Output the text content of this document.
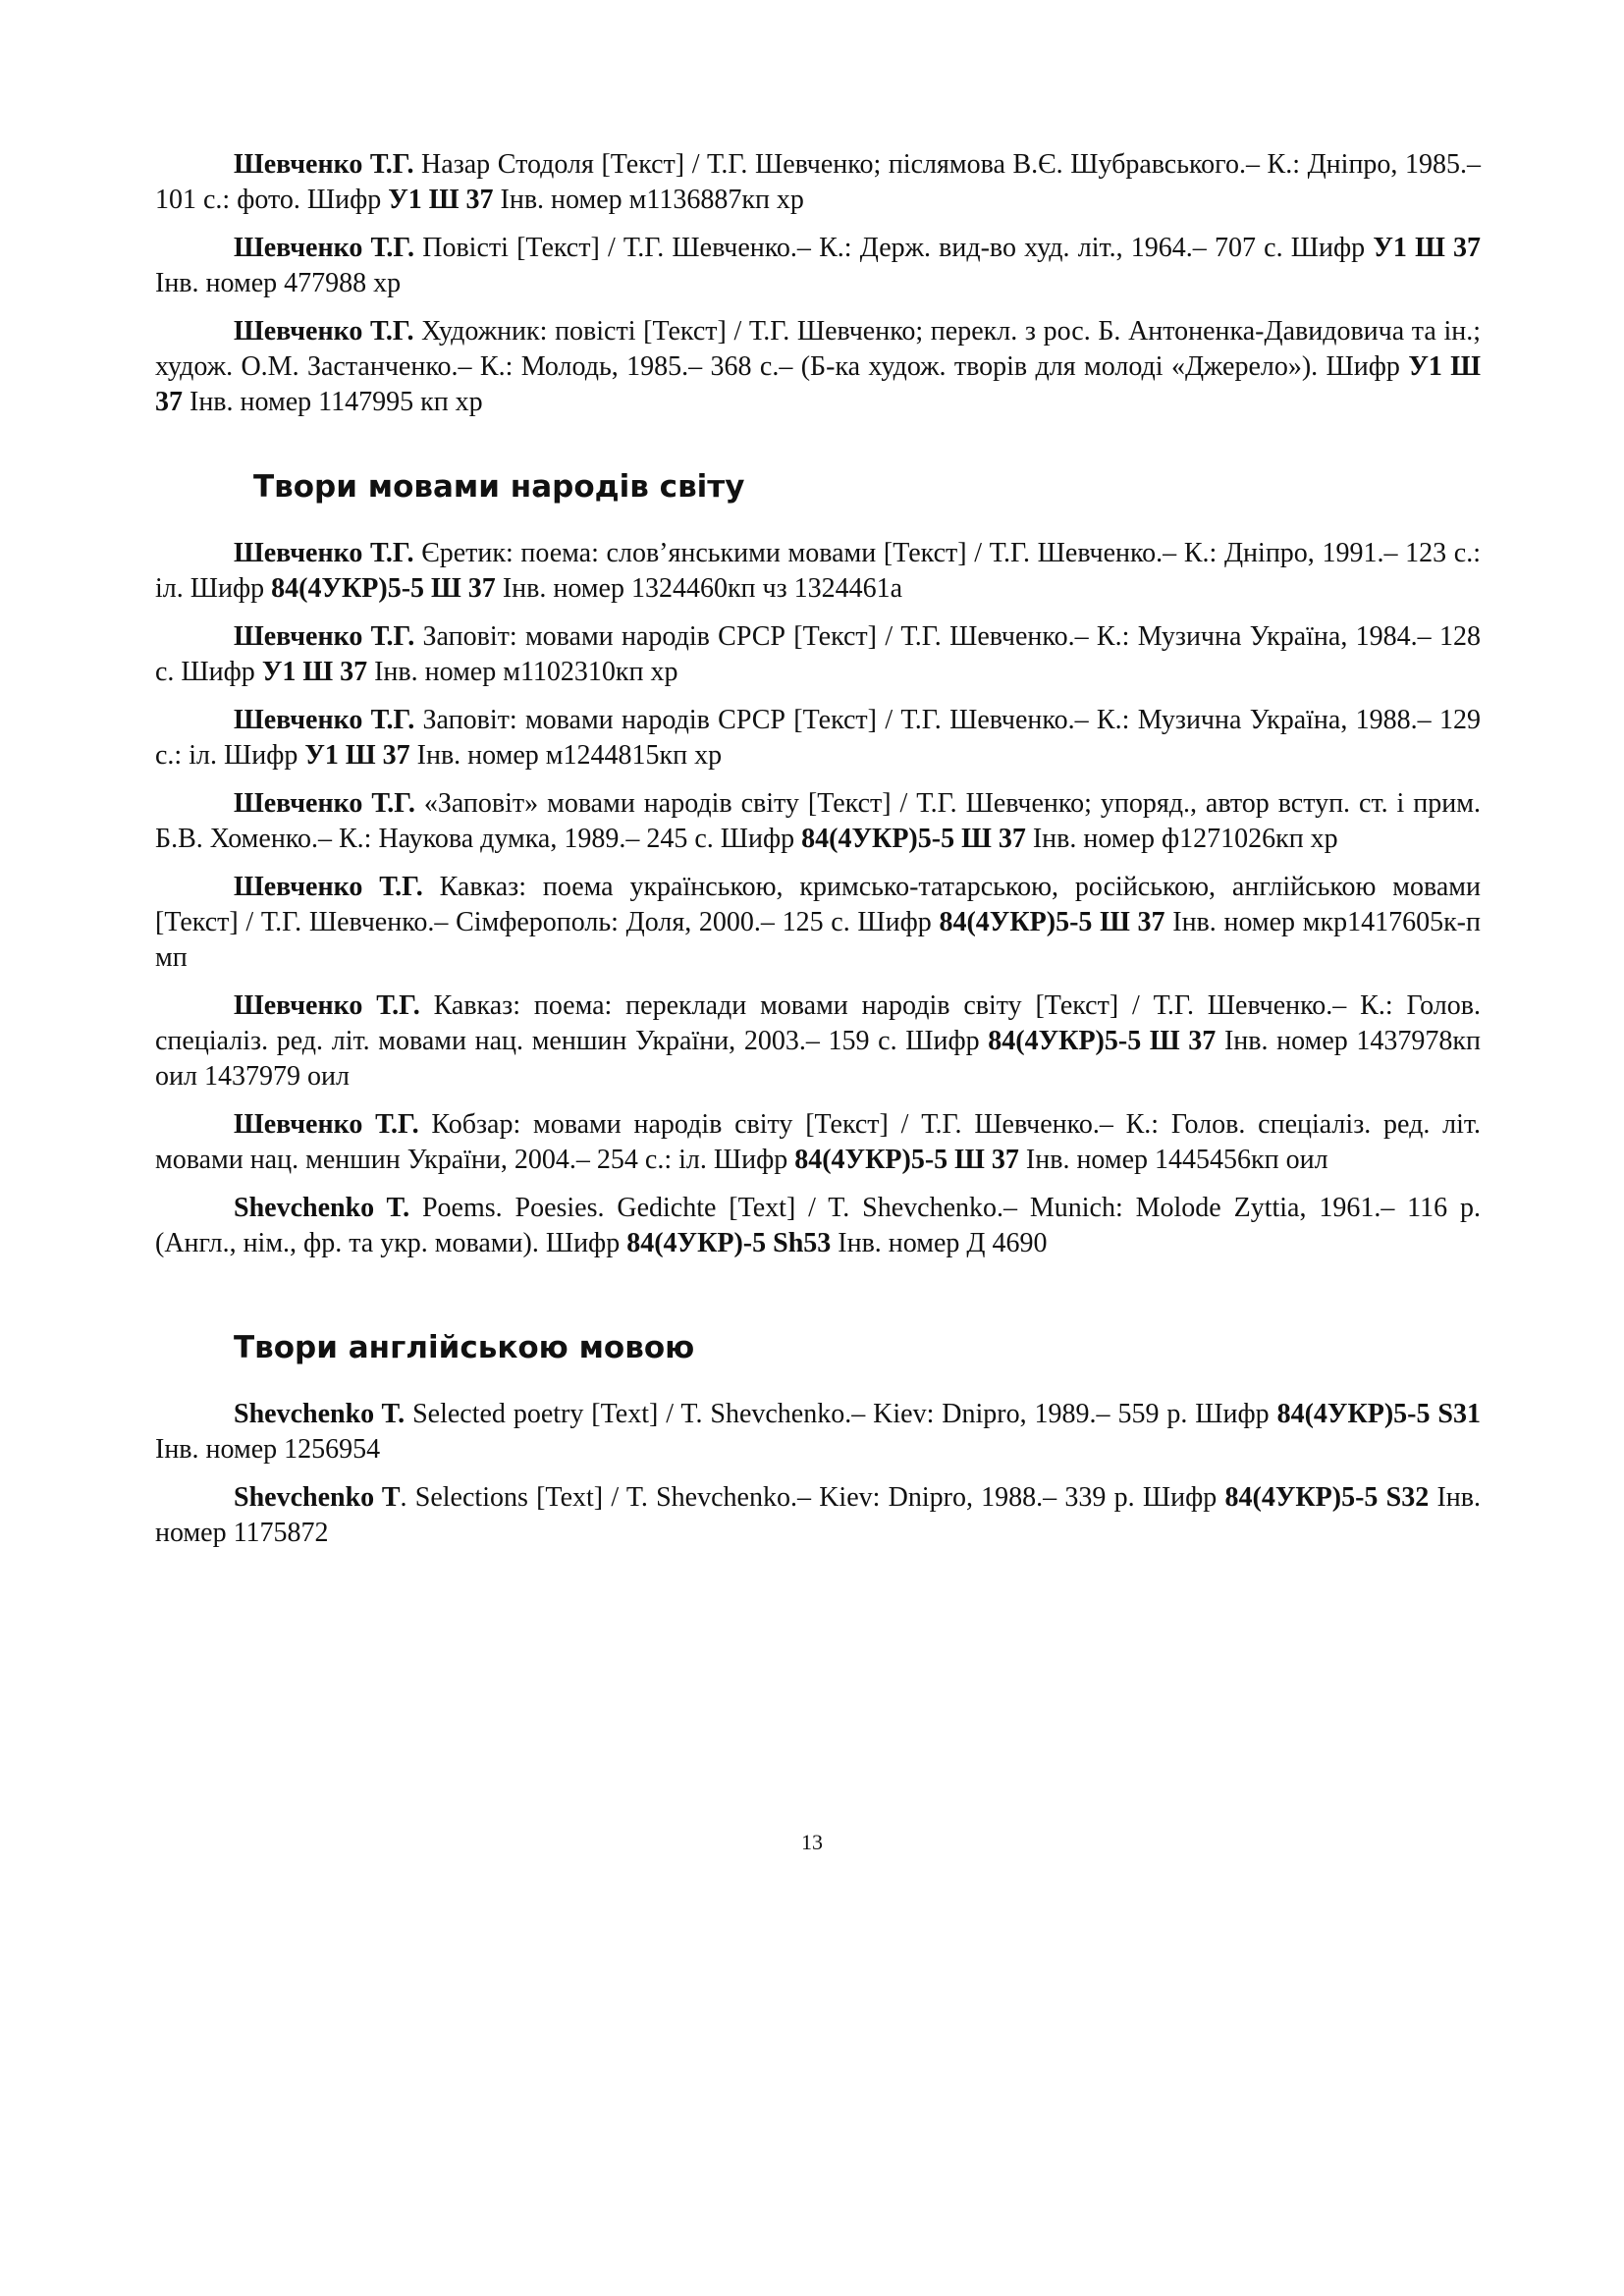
Шевченко Т.Г. Назар Стодоля [Текст] / Т.Г. Шевченко; післямова В.Є. Шубравського.– К.: Дніпро, 1985.– 101 с.: фото. Шифр У1 Ш 37 Інв. номер м1136887кп хр

Шевченко Т.Г. Повісті [Текст] / Т.Г. Шевченко.– К.: Держ. вид-во худ. літ., 1964.– 707 с. Шифр У1 Ш 37 Інв. номер 477988 хр

Шевченко Т.Г. Художник: повісті [Текст] / Т.Г. Шевченко; перекл. з рос. Б. Антоненка-Давидовича та ін.; худож. О.М. Застанченко.– К.: Молодь, 1985.– 368 с.– (Б-ка худож. творів для молоді «Джерело»). Шифр У1 Ш 37 Інв. номер 1147995 кп хр

Твори мовами народів світу

Шевченко Т.Г. Єретик: поема: слов’янськими мовами [Текст] / Т.Г. Шевченко.– К.: Дніпро, 1991.– 123 с.: іл. Шифр 84(4УКР)5-5 Ш 37 Інв. номер 1324460кп чз 1324461а

Шевченко Т.Г. Заповіт: мовами народів СРСР [Текст] / Т.Г. Шевченко.– К.: Музична Україна, 1984.– 128 с. Шифр У1 Ш 37 Інв. номер м1102310кп хр

Шевченко Т.Г. Заповіт: мовами народів СРСР [Текст] / Т.Г. Шевченко.– К.: Музична Україна, 1988.– 129 с.: іл. Шифр У1 Ш 37 Інв. номер м1244815кп хр

Шевченко Т.Г. «Заповіт» мовами народів світу [Текст] / Т.Г. Шевченко; упоряд., автор вступ. ст. і прим. Б.В. Хоменко.– К.: Наукова думка, 1989.– 245 с. Шифр 84(4УКР)5-5 Ш 37 Інв. номер ф1271026кп хр

Шевченко Т.Г. Кавказ: поема українською, кримсько-татарською, російською, англійською мовами [Текст] / Т.Г. Шевченко.– Сімферополь: Доля, 2000.– 125 с. Шифр 84(4УКР)5-5 Ш 37 Інв. номер мкр1417605к-п мп

Шевченко Т.Г. Кавказ: поема: переклади мовами народів світу [Текст] / Т.Г. Шевченко.– К.: Голов. спеціаліз. ред. літ. мовами нац. меншин України, 2003.– 159 с. Шифр 84(4УКР)5-5 Ш 37 Інв. номер 1437978кп оил 1437979 оил

Шевченко Т.Г. Кобзар: мовами народів світу [Текст] / Т.Г. Шевченко.– К.: Голов. спеціаліз. ред. літ. мовами нац. меншин України, 2004.– 254 с.: іл. Шифр 84(4УКР)5-5 Ш 37 Інв. номер 1445456кп оил

Shevchenko T. Poems. Poesies. Gedichte [Text] / T. Shevchenko.– Munich: Molode Zyttia, 1961.– 116 p. (Англ., нім., фр. та укр. мовами). Шифр 84(4УКР)-5 Sh53 Інв. номер Д 4690

Твори англійською мовою

Shevchenko T. Selected poetry [Text] / T. Shevchenko.– Kiev: Dnipro, 1989.– 559 p. Шифр 84(4УКР)5-5 S31 Інв. номер 1256954

Shevchenko T. Selections [Text] / T. Shevchenko.– Kiev: Dnipro, 1988.– 339 p. Шифр 84(4УКР)5-5 S32 Інв. номер 1175872

13
